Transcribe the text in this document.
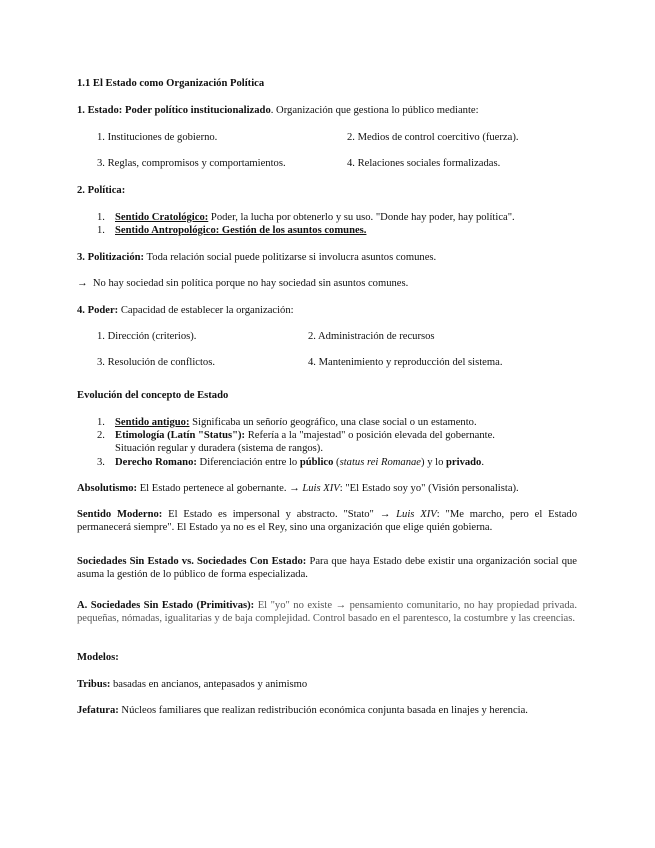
1.1 El Estado como Organización Política
1. Estado: Poder político institucionalizado. Organización que gestiona lo público mediante:
1. Instituciones de gobierno.	2. Medios de control coercitivo (fuerza).
3. Reglas, compromisos y comportamientos.	4. Relaciones sociales formalizadas.
2. Política:
1. Sentido Cratológico: Poder, la lucha por obtenerlo y su uso. "Donde hay poder, hay política".
1. Sentido Antropológico: Gestión de los asuntos comunes.
3. Politización: Toda relación social puede politizarse si involucra asuntos comunes.
→ No hay sociedad sin política porque no hay sociedad sin asuntos comunes.
4. Poder: Capacidad de establecer la organización:
1. Dirección (criterios).	2. Administración de recursos
3. Resolución de conflictos.	4. Mantenimiento y reproducción del sistema.
Evolución del concepto de Estado
1. Sentido antiguo: Significaba un señorío geográfico, una clase social o un estamento.
2. Etimología (Latín "Status"): Refería a la "majestad" o posición elevada del gobernante.
Situación regular y duradera (sistema de rangos).
3. Derecho Romano: Diferenciación entre lo público (status rei Romanae) y lo privado.
Absolutismo: El Estado pertenece al gobernante. → Luis XIV: "El Estado soy yo" (Visión personalista).
Sentido Moderno: El Estado es impersonal y abstracto. "Stato" → Luis XIV: "Me marcho, pero el Estado permanecerá siempre". El Estado ya no es el Rey, sino una organización que elige quién gobierna.
Sociedades Sin Estado vs. Sociedades Con Estado: Para que haya Estado debe existir una organización social que asuma la gestión de lo público de forma especializada.
A. Sociedades Sin Estado (Primitivas): El "yo" no existe → pensamiento comunitario, no hay propiedad privada. pequeñas, nómadas, igualitarias y de baja complejidad. Control basado en el parentesco, la costumbre y las creencias.
Modelos:
Tribus: basadas en ancianos, antepasados y animismo
Jefatura: Núcleos familiares que realizan redistribución económica conjunta basada en linajes y herencia.
